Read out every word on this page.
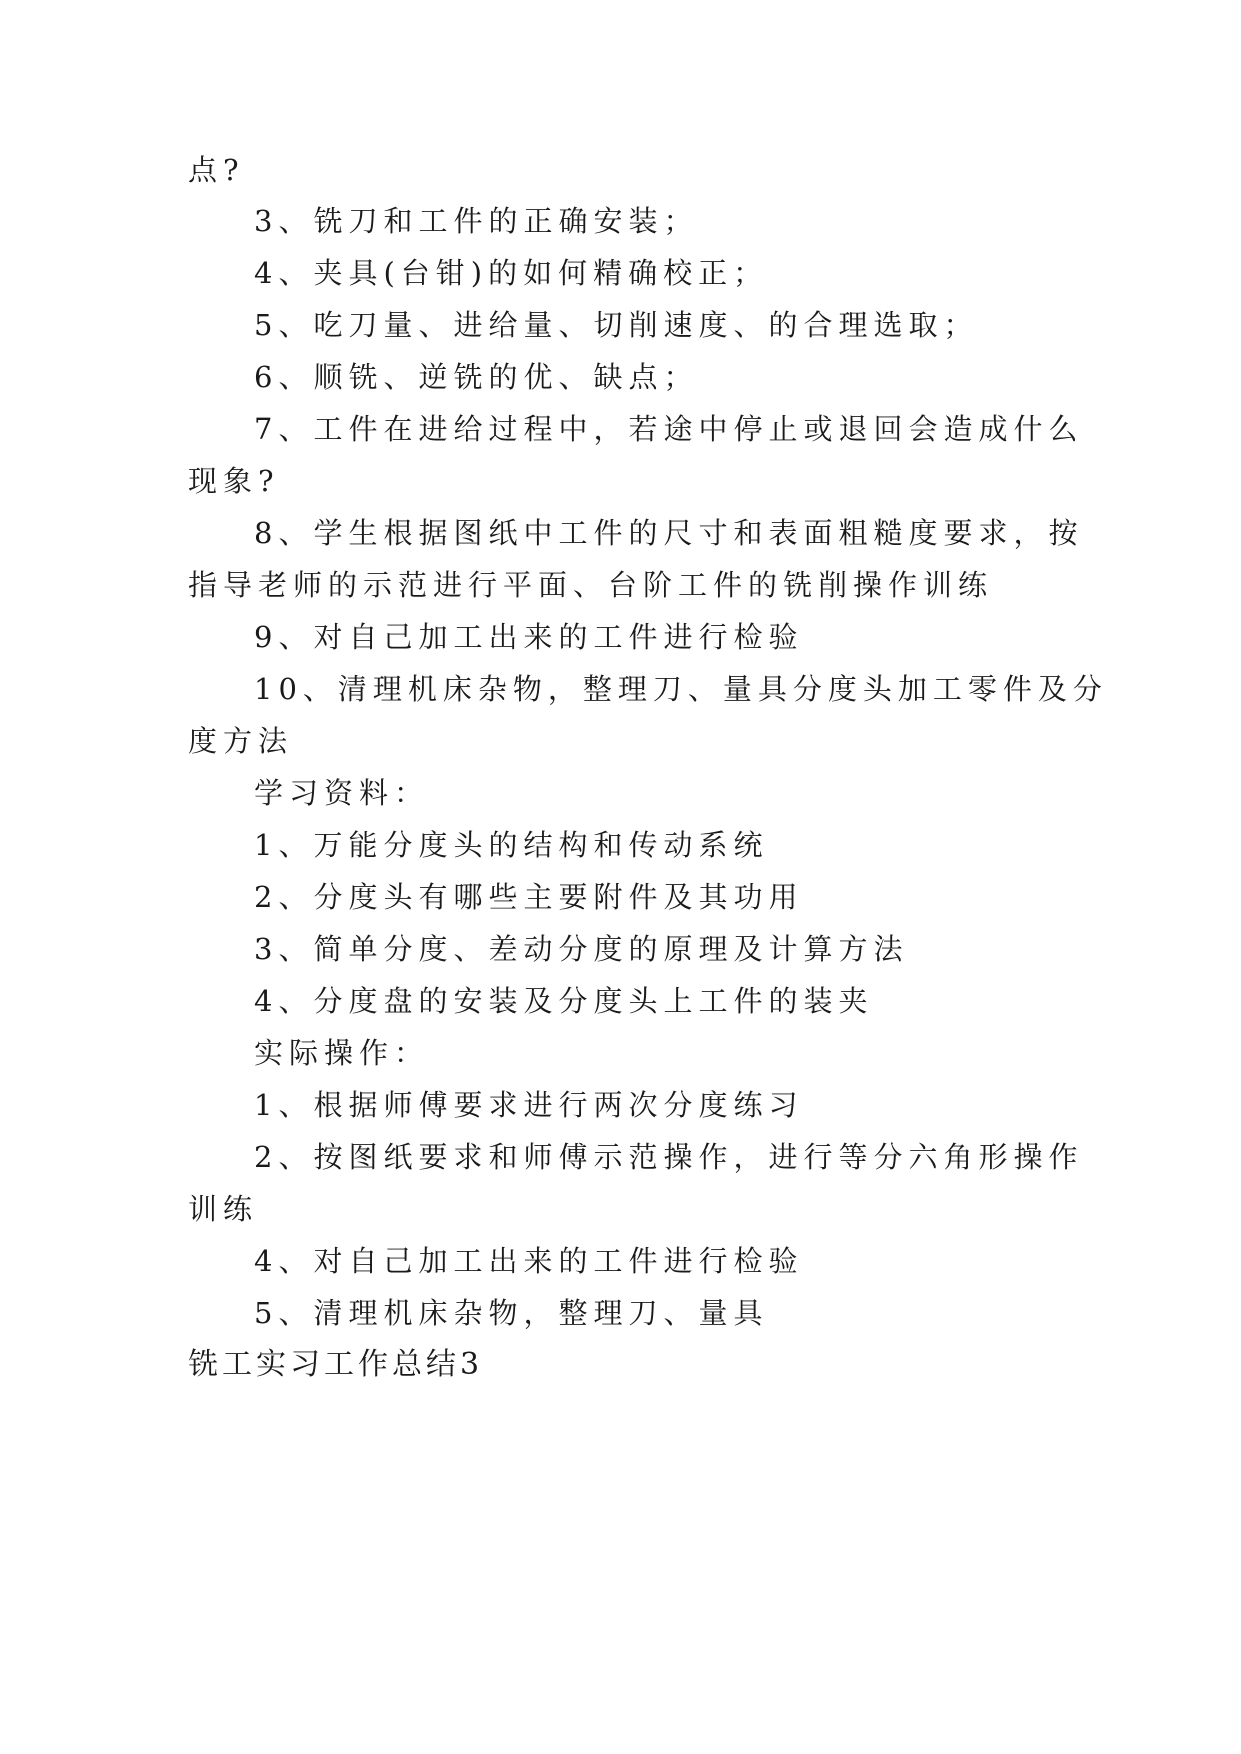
点?
3、铣刀和工件的正确安装；
4、夹具(台钳)的如何精确校正；
5、吃刀量、进给量、切削速度、的合理选取；
6、顺铣、逆铣的优、缺点；
7、工件在进给过程中，若途中停止或退回会造成什么
现象?
8、学生根据图纸中工件的尺寸和表面粗糙度要求，按
指导老师的示范进行平面、台阶工件的铣削操作训练
9、对自己加工出来的工件进行检验
10、清理机床杂物，整理刀、量具分度头加工零件及分
度方法
学习资料：
1、万能分度头的结构和传动系统
2、分度头有哪些主要附件及其功用
3、简单分度、差动分度的原理及计算方法
4、分度盘的安装及分度头上工件的装夹
实际操作：
1、根据师傅要求进行两次分度练习
2、按图纸要求和师傅示范操作，进行等分六角形操作
训练
4、对自己加工出来的工件进行检验
5、清理机床杂物，整理刀、量具
铣工实习工作总结3
